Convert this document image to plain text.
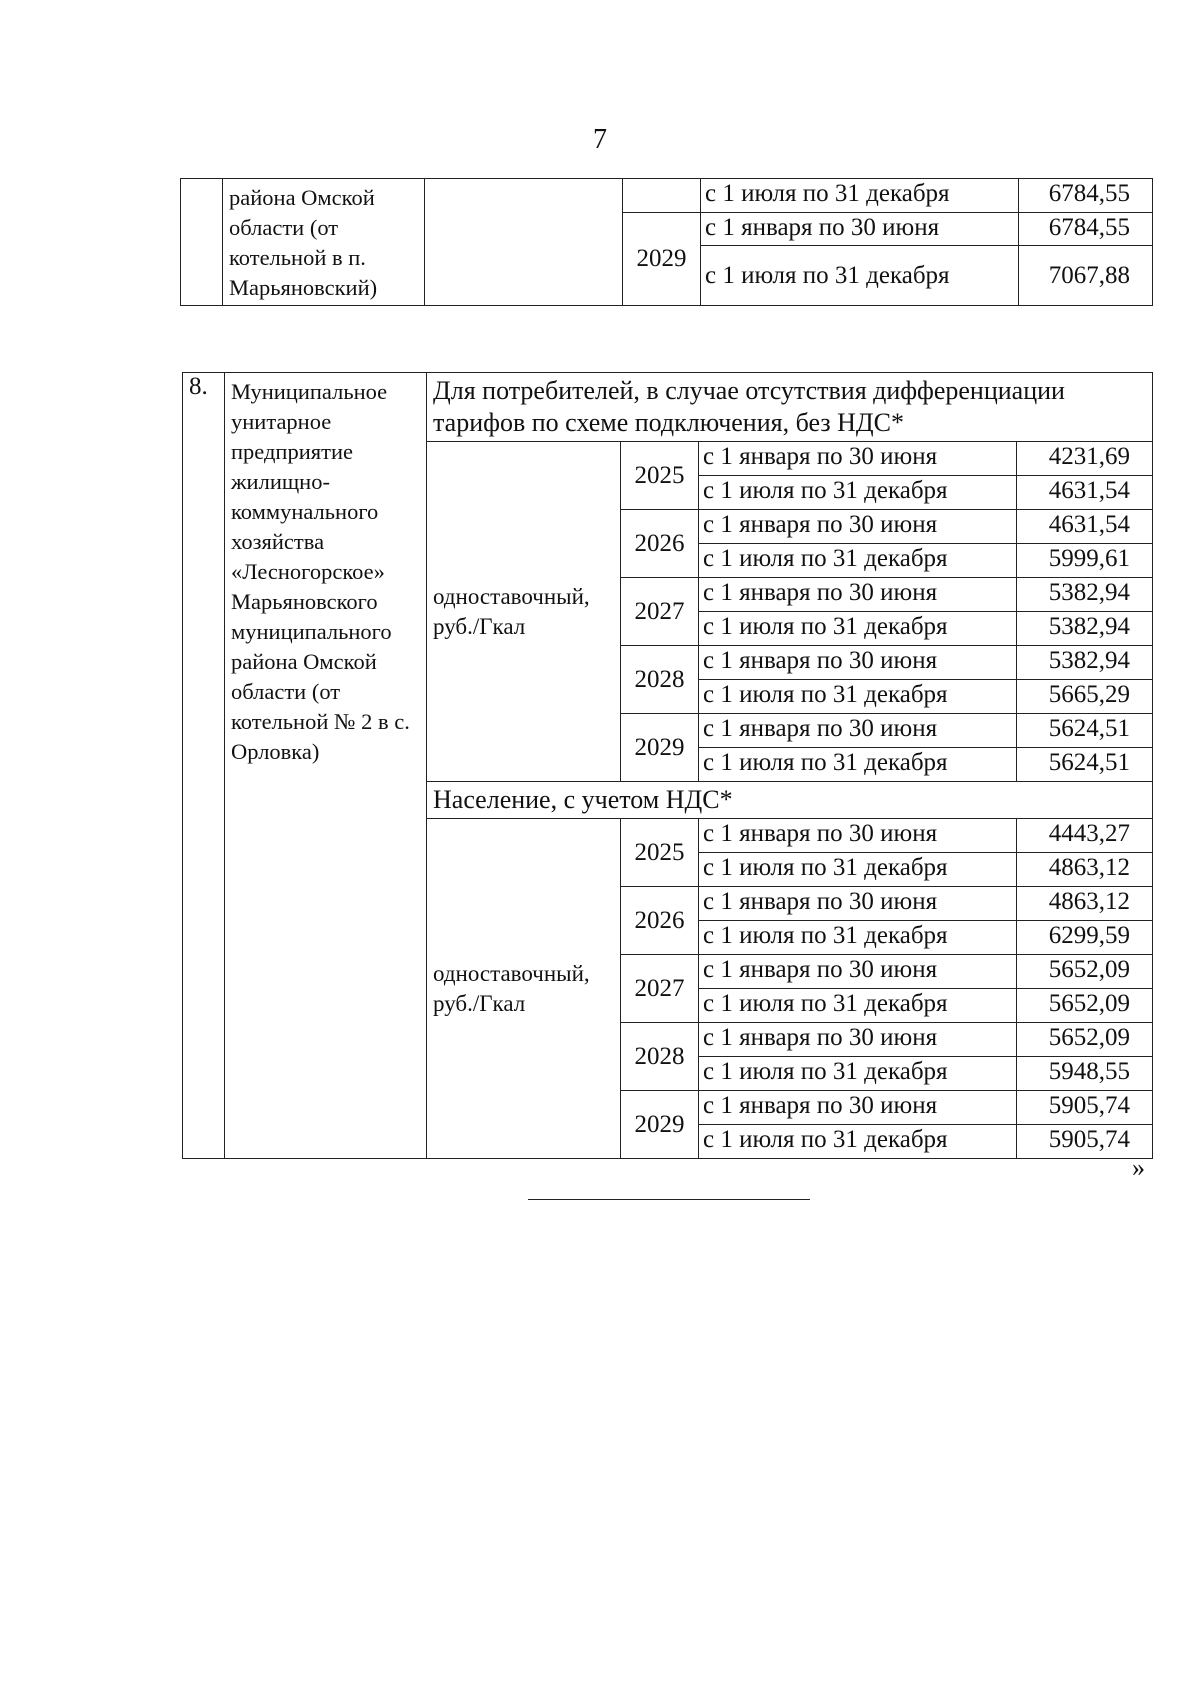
7
	района Омской области (от котельной в п. Марьяновский)			с 1 июля по 31 декабря	6784,55
			2029	с 1 января по 30 июня	6784,55
				с 1 июля по 31 декабря	7067,88
8.	Муниципальное унитарное предприятие жилищно-коммунального хозяйства «Лесногорское» Марьяновского муниципального района Омской области (от котельной № 2 в с. Орловка)	Для потребителей, в случае отсутствия дифференциации тарифов по схеме подключения, без НДС*			
		одноставочный, руб./Гкал	2025	с 1 января по 30 июня	4231,69
				с 1 июля по 31 декабря	4631,54
			2026	с 1 января по 30 июня	4631,54
				с 1 июля по 31 декабря	5999,61
			2027	с 1 января по 30 июня	5382,94
				с 1 июля по 31 декабря	5382,94
			2028	с 1 января по 30 июня	5382,94
				с 1 июля по 31 декабря	5665,29
			2029	с 1 января по 30 июня	5624,51
				с 1 июля по 31 декабря	5624,51
		Население, с учетом НДС*			
		одноставочный, руб./Гкал	2025	с 1 января по 30 июня	4443,27
				с 1 июля по 31 декабря	4863,12
			2026	с 1 января по 30 июня	4863,12
				с 1 июля по 31 декабря	6299,59
			2027	с 1 января по 30 июня	5652,09
				с 1 июля по 31 декабря	5652,09
			2028	с 1 января по 30 июня	5652,09
				с 1 июля по 31 декабря	5948,55
			2029	с 1 января по 30 июня	5905,74
				с 1 июля по 31 декабря	5905,74
»
